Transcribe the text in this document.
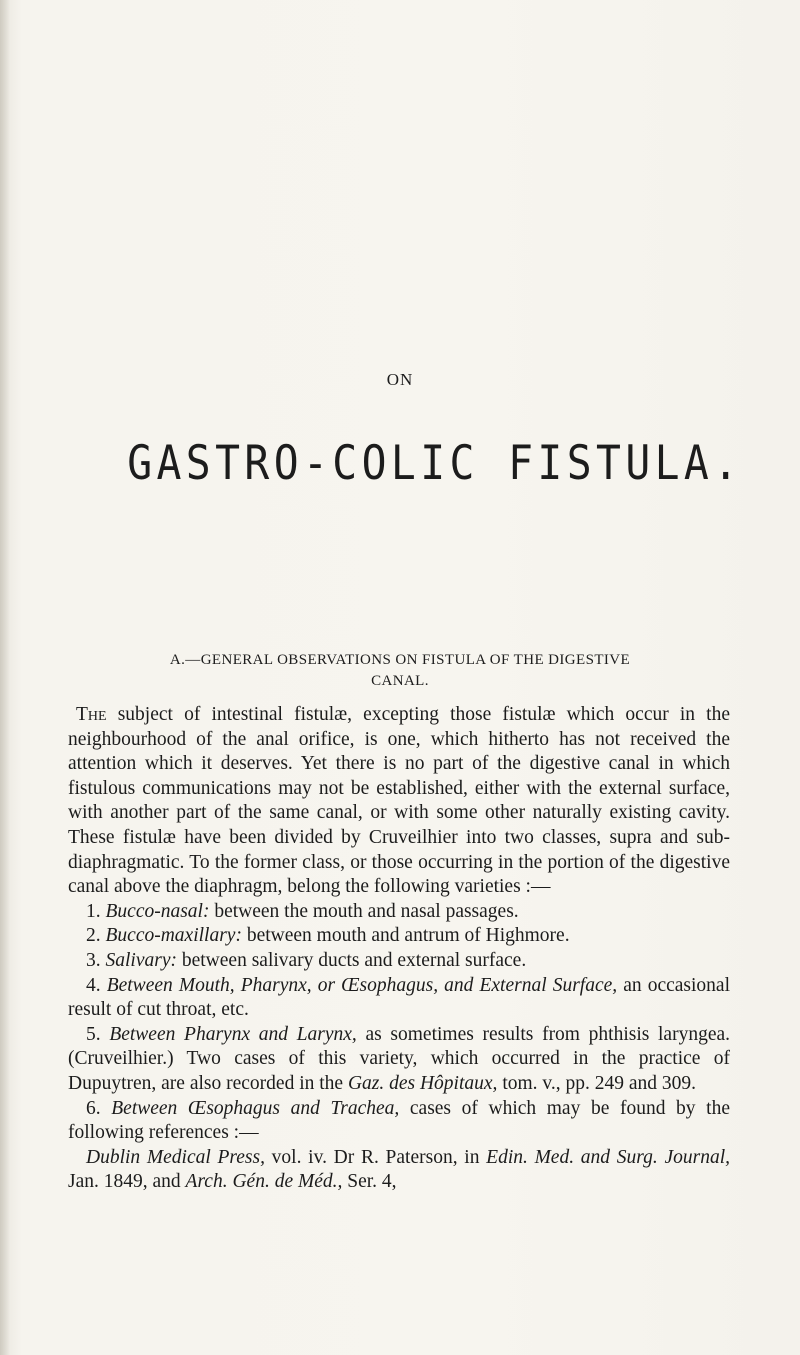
ON
GASTRO-COLIC FISTULA.
A.—GENERAL OBSERVATIONS ON FISTULA OF THE DIGESTIVE
CANAL.

The subject of intestinal fistulæ, excepting those fistulæ which occur in the neighbourhood of the anal orifice, is one, which hitherto has not received the attention which it deserves. Yet there is no part of the digestive canal in which fistulous communications may not be established, either with the external surface, with another part of the same canal, or with some other naturally existing cavity. These fistulæ have been divided by Cruveilhier into two classes, supra and sub-diaphragmatic. To the former class, or those occurring in the portion of the digestive canal above the diaphragm, belong the following varieties :—

1. Bucco-nasal: between the mouth and nasal passages.

2. Bucco-maxillary: between mouth and antrum of Highmore.

3. Salivary: between salivary ducts and external surface.

4. Between Mouth, Pharynx, or Œsophagus, and External Surface, an occasional result of cut throat, etc.

5. Between Pharynx and Larynx, as sometimes results from phthisis laryngea. (Cruveilhier.) Two cases of this variety, which occurred in the practice of Dupuytren, are also recorded in the Gaz. des Hôpitaux, tom. v., pp. 249 and 309.

6. Between Œsophagus and Trachea, cases of which may be found by the following references :—

Dublin Medical Press, vol. iv. Dr R. Paterson, in Edin. Med. and Surg. Journal, Jan. 1849, and Arch. Gén. de Méd., Ser. 4,
